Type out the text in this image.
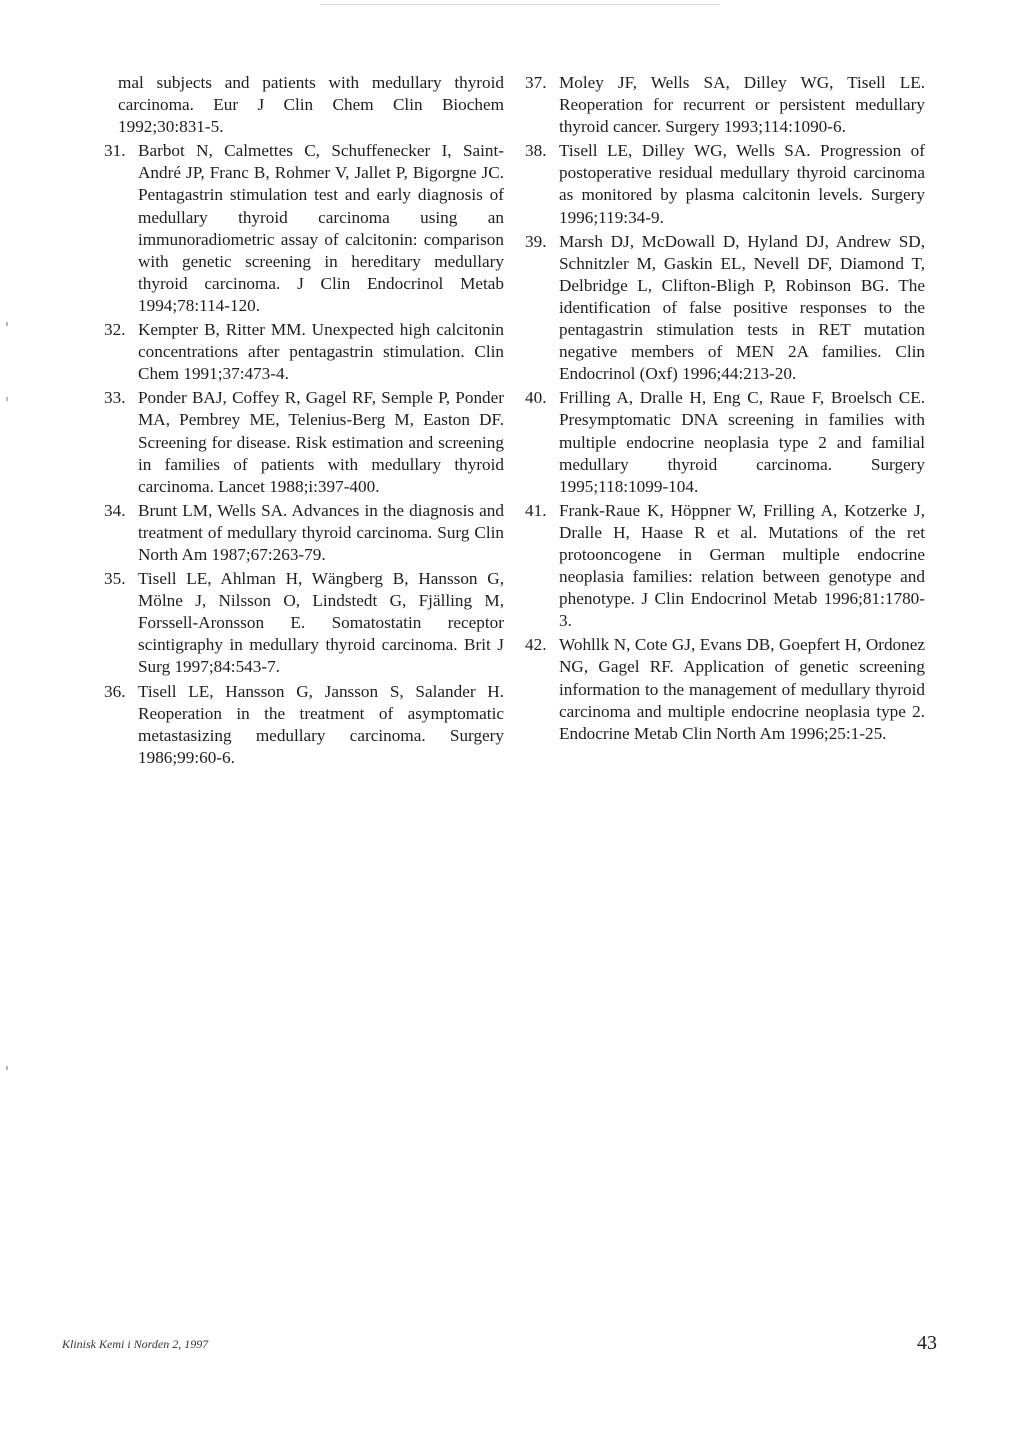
mal subjects and patients with medullary thyroid carcinoma. Eur J Clin Chem Clin Biochem 1992;30:831-5.

31. Barbot N, Calmettes C, Schuffenecker I, Saint-André JP, Franc B, Rohmer V, Jallet P, Bigorgne JC. Pentagastrin stimulation test and early diagnosis of medullary thyroid carcinoma using an immunoradiometric assay of calcitonin: comparison with genetic screening in hereditary medullary thyroid carcinoma. J Clin Endocrinol Metab 1994;78:114-120.
32. Kempter B, Ritter MM. Unexpected high calcitonin concentrations after pentagastrin stimulation. Clin Chem 1991;37:473-4.
33. Ponder BAJ, Coffey R, Gagel RF, Semple P, Ponder MA, Pembrey ME, Telenius-Berg M, Easton DF. Screening for disease. Risk estimation and screening in families of patients with medullary thyroid carcinoma. Lancet 1988;i:397-400.
34. Brunt LM, Wells SA. Advances in the diagnosis and treatment of medullary thyroid carcinoma. Surg Clin North Am 1987;67:263-79.
35. Tisell LE, Ahlman H, Wängberg B, Hansson G, Mölne J, Nilsson O, Lindstedt G, Fjälling M, Forssell-Aronsson E. Somatostatin receptor scintigraphy in medullary thyroid carcinoma. Brit J Surg 1997;84:543-7.
36. Tisell LE, Hansson G, Jansson S, Salander H. Reoperation in the treatment of asymptomatic metastasizing medullary carcinoma. Surgery 1986;99:60-6.
37. Moley JF, Wells SA, Dilley WG, Tisell LE. Reoperation for recurrent or persistent medullary thyroid cancer. Surgery 1993;114:1090-6.
38. Tisell LE, Dilley WG, Wells SA. Progression of postoperative residual medullary thyroid carcinoma as monitored by plasma calcitonin levels. Surgery 1996;119:34-9.
39. Marsh DJ, McDowall D, Hyland DJ, Andrew SD, Schnitzler M, Gaskin EL, Nevell DF, Diamond T, Delbridge L, Clifton-Bligh P, Robinson BG. The identification of false positive responses to the pentagastrin stimulation tests in RET mutation negative members of MEN 2A families. Clin Endocrinol (Oxf) 1996;44:213-20.
40. Frilling A, Dralle H, Eng C, Raue F, Broelsch CE. Presymptomatic DNA screening in families with multiple endocrine neoplasia type 2 and familial medullary thyroid carcinoma. Surgery 1995;118:1099-104.
41. Frank-Raue K, Höppner W, Frilling A, Kotzerke J, Dralle H, Haase R et al. Mutations of the ret protooncogene in German multiple endocrine neoplasia families: relation between genotype and phenotype. J Clin Endocrinol Metab 1996;81:1780-3.
42. Wohllk N, Cote GJ, Evans DB, Goepfert H, Ordonez NG, Gagel RF. Application of genetic screening information to the management of medullary thyroid carcinoma and multiple endocrine neoplasia type 2. Endocrine Metab Clin North Am 1996;25:1-25.
Klinisk Kemi i Norden 2, 1997	43
